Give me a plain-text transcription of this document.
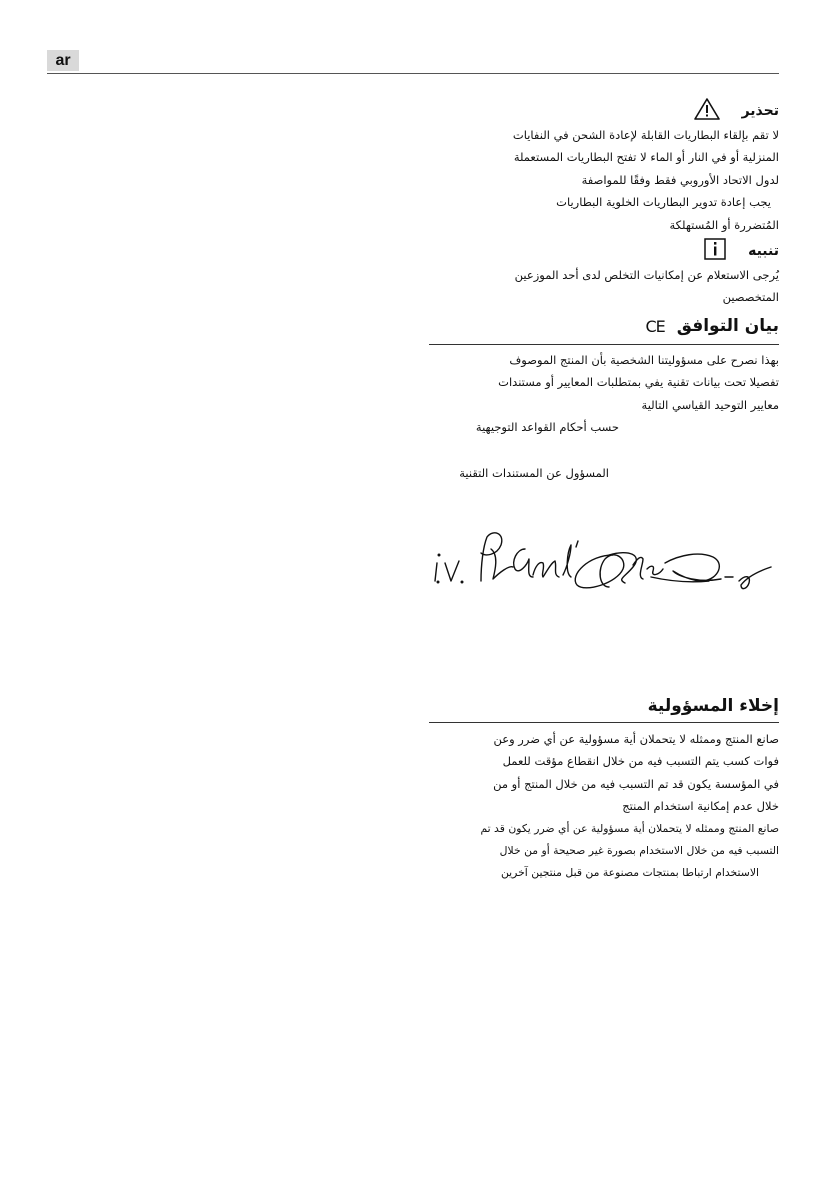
ar
تحذير

لا تقم بإلقاء البطاريات القابلة لإعادة الشحن في النفايات

المنزلية أو في النار أو الماء لا تفتح البطاريات المستعملة

لدول الاتحاد الأوروبي فقط وفقًا للمواصفة

يجب إعادة تدوير البطاريات الخلوية البطاريات

المُتضررة أو المُستهلكة

تنبيه

يُرجى الاستعلام عن إمكانيات التخلص لدى أحد الموزعين

المتخصصين

بيان التوافق
CE

بهذا نصرح على مسؤوليتنا الشخصية بأن المنتج الموصوف

تفصيلا تحت بيانات تقنية يفي بمتطلبات المعايير أو مستندات

معايير التوحيد القياسي التالية

حسب أحكام القواعد التوجيهية

المسؤول عن المستندات التقنية

إخلاء المسؤولية

صانع المنتج وممثله لا يتحملان أية مسؤولية عن أي ضرر وعن

فوات كسب يتم التسبب فيه من خلال انقطاع مؤقت للعمل

في المؤسسة يكون قد تم التسبب فيه من خلال المنتج أو من

خلال عدم إمكانية استخدام المنتج

صانع المنتج وممثله لا يتحملان أية مسؤولية عن أي ضرر يكون قد تم

التسبب فيه من خلال الاستخدام بصورة غير صحيحة أو من خلال

الاستخدام ارتباطا بمنتجات مصنوعة من قبل منتجين آخرين
